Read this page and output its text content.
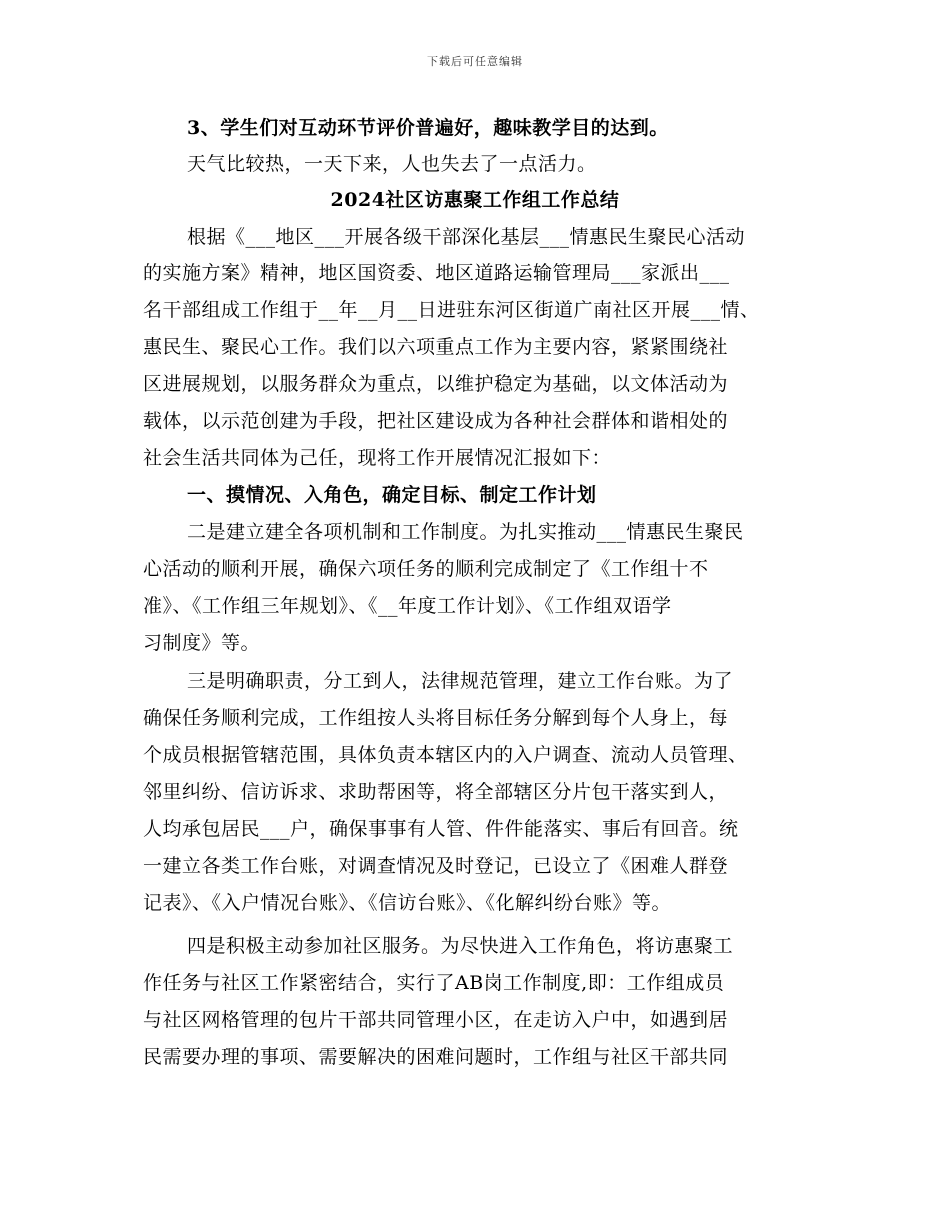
下载后可任意编辑
3、学生们对互动环节评价普遍好，趣味教学目的达到。
天气比较热，一天下来，人也失去了一点活力。
2024社区访惠聚工作组工作总结
根据《___地区___开展各级干部深化基层___情惠民生聚民心活动
的实施方案》精神，地区国资委、地区道路运输管理局___家派出___
名干部组成工作组于__年__月__日进驻东河区街道广南社区开展___情、
惠民生、聚民心工作。我们以六项重点工作为主要内容，紧紧围绕社
区进展规划，以服务群众为重点，以维护稳定为基础，以文体活动为
载体，以示范创建为手段，把社区建设成为各种社会群体和谐相处的
社会生活共同体为己任，现将工作开展情况汇报如下：
一、摸情况、入角色，确定目标、制定工作计划
二是建立建全各项机制和工作制度。为扎实推动___情惠民生聚民
心活动的顺利开展，确保六项任务的顺利完成制定了《工作组十不
准》、《工作组三年规划》、《__年度工作计划》、《工作组双语学
习制度》等。
三是明确职责，分工到人，法律规范管理，建立工作台账。为了
确保任务顺利完成，工作组按人头将目标任务分解到每个人身上，每
个成员根据管辖范围，具体负责本辖区内的入户调查、流动人员管理、
邻里纠纷、信访诉求、求助帮困等，将全部辖区分片包干落实到人，
人均承包居民___户，确保事事有人管、件件能落实、事后有回音。统
一建立各类工作台账，对调查情况及时登记，已设立了《困难人群登
记表》、《入户情况台账》、《信访台账》、《化解纠纷台账》等。
四是积极主动参加社区服务。为尽快进入工作角色，将访惠聚工
作任务与社区工作紧密结合，实行了AB岗工作制度,即：工作组成员
与社区网格管理的包片干部共同管理小区，在走访入户中，如遇到居
民需要办理的事项、需要解决的困难问题时，工作组与社区干部共同
